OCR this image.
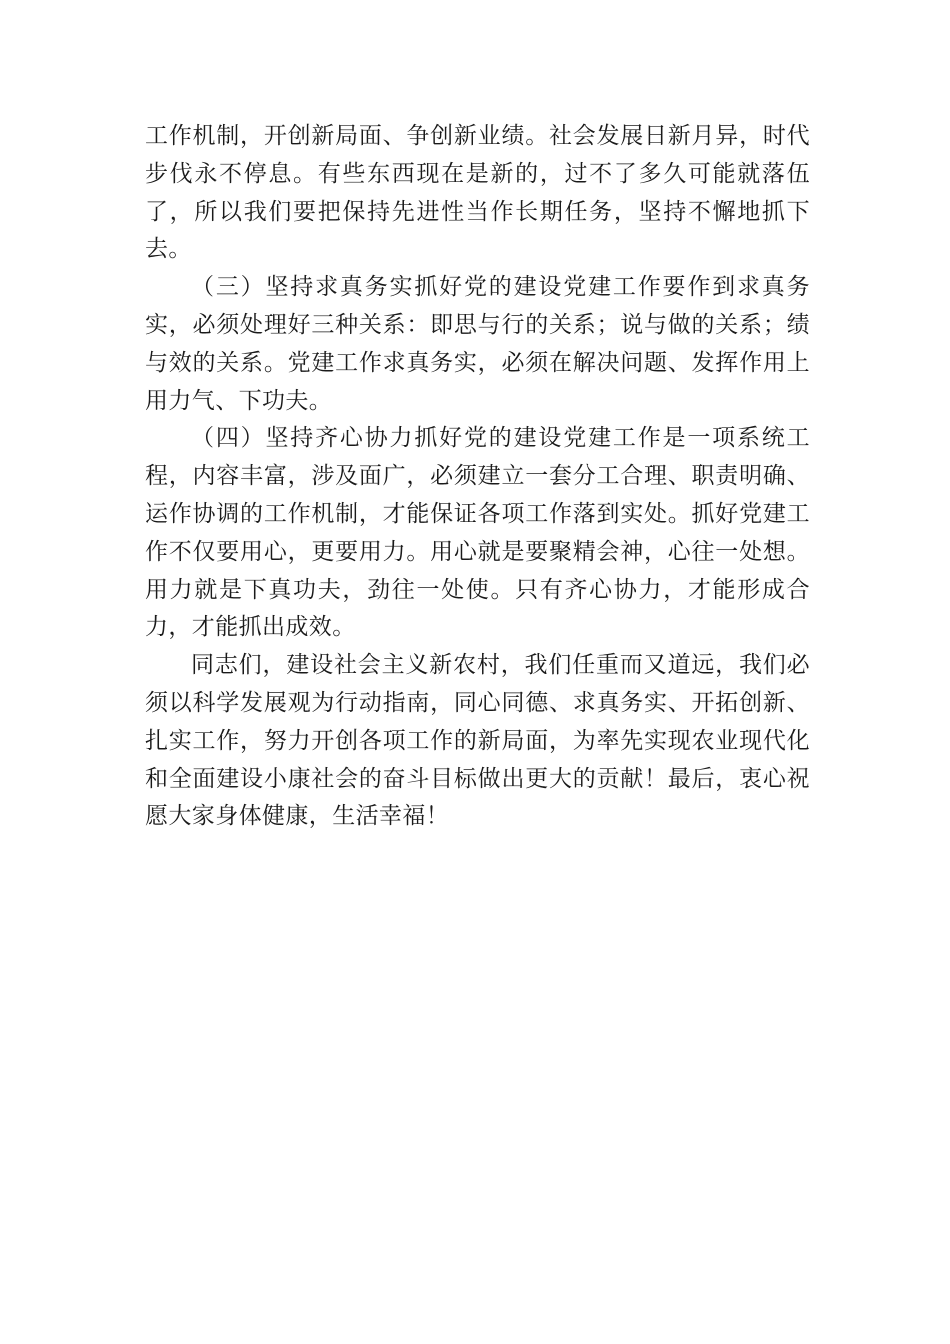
工作机制，开创新局面、争创新业绩。社会发展日新月异，时代步伐永不停息。有些东西现在是新的，过不了多久可能就落伍了，所以我们要把保持先进性当作长期任务，坚持不懈地抓下去。

（三）坚持求真务实抓好党的建设党建工作要作到求真务实，必须处理好三种关系：即思与行的关系；说与做的关系；绩与效的关系。党建工作求真务实，必须在解决问题、发挥作用上用力气、下功夫。

（四）坚持齐心协力抓好党的建设党建工作是一项系统工程，内容丰富，涉及面广，必须建立一套分工合理、职责明确、运作协调的工作机制，才能保证各项工作落到实处。抓好党建工作不仅要用心，更要用力。用心就是要聚精会神，心往一处想。用力就是下真功夫，劲往一处使。只有齐心协力，才能形成合力，才能抓出成效。

同志们，建设社会主义新农村，我们任重而又道远，我们必须以科学发展观为行动指南，同心同德、求真务实、开拓创新、扎实工作，努力开创各项工作的新局面，为率先实现农业现代化和全面建设小康社会的奋斗目标做出更大的贡献！最后，衷心祝愿大家身体健康，生活幸福！
